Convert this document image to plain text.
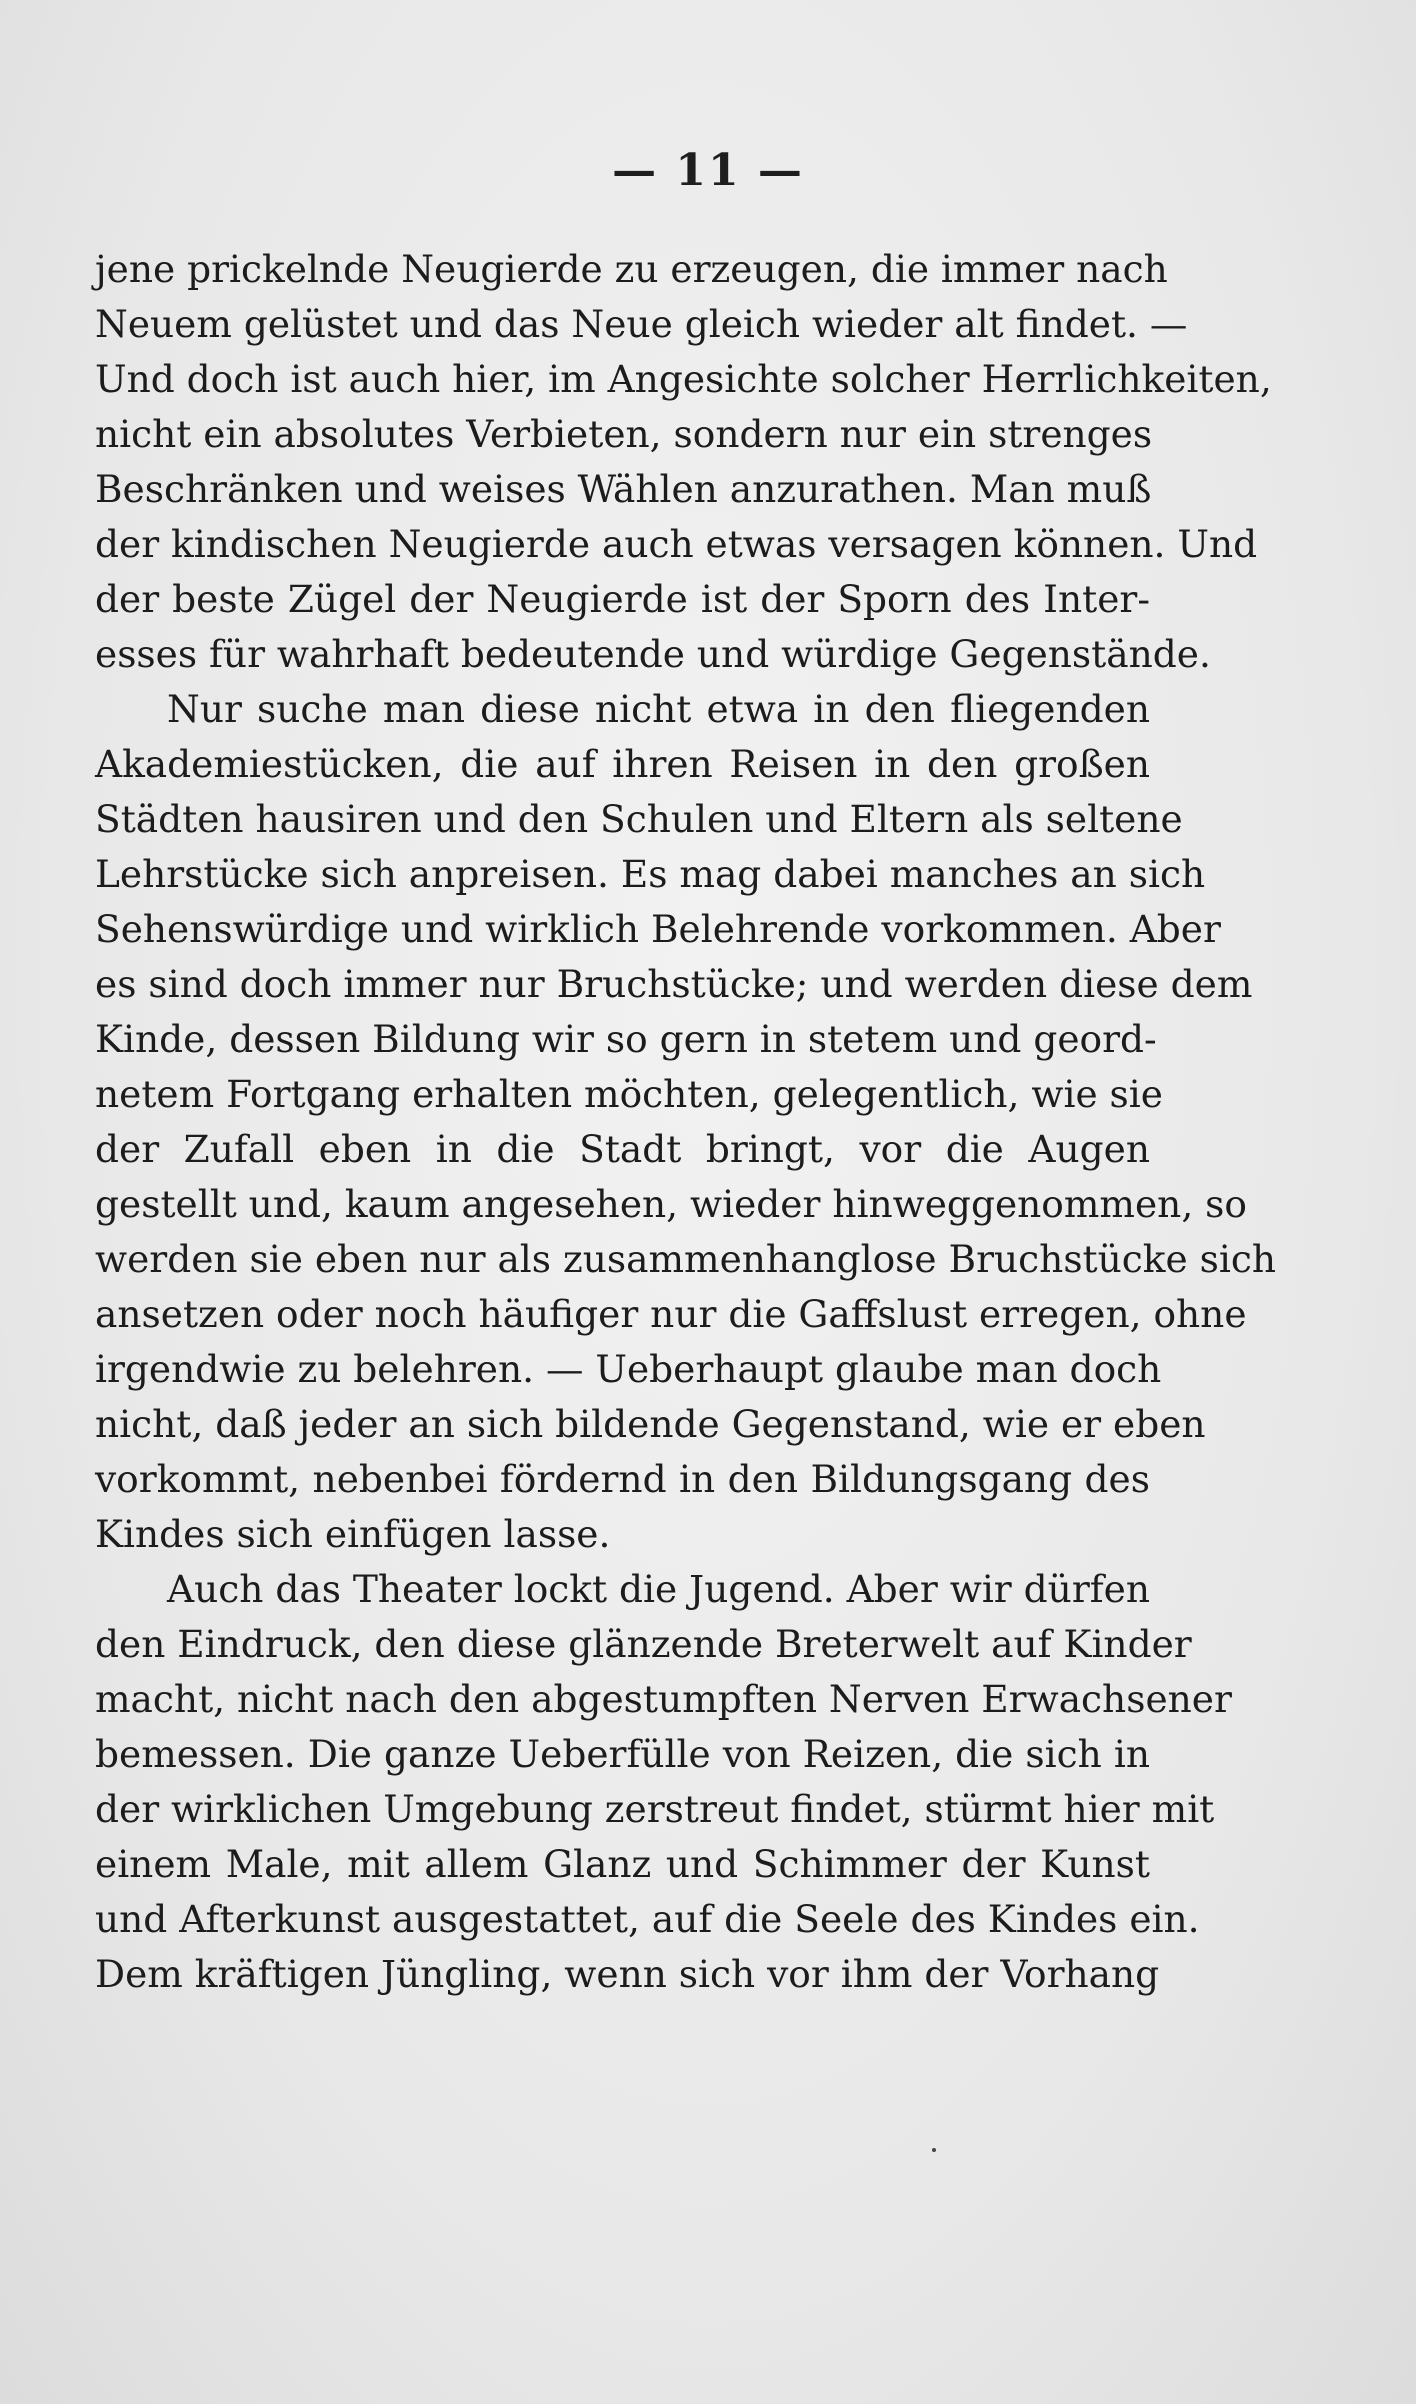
— 11 —
jene prickelnde Neugierde zu erzeugen, die immer nach
Neuem gelüstet und das Neue gleich wieder alt findet. —
Und doch ist auch hier, im Angesichte solcher Herrlichkeiten,
nicht ein absolutes Verbieten, sondern nur ein strenges
Beschränken und weises Wählen anzurathen. Man muß
der kindischen Neugierde auch etwas versagen können. Und
der beste Zügel der Neugierde ist der Sporn des Inter-
esses für wahrhaft bedeutende und würdige Gegenstände.
Nur suche man diese nicht etwa in den fliegenden
Akademiestücken, die auf ihren Reisen in den großen
Städten hausiren und den Schulen und Eltern als seltene
Lehrstücke sich anpreisen. Es mag dabei manches an sich
Sehenswürdige und wirklich Belehrende vorkommen. Aber
es sind doch immer nur Bruchstücke; und werden diese dem
Kinde, dessen Bildung wir so gern in stetem und geord-
netem Fortgang erhalten möchten, gelegentlich, wie sie
der Zufall eben in die Stadt bringt, vor die Augen
gestellt und, kaum angesehen, wieder hinweggenommen, so
werden sie eben nur als zusammenhanglose Bruchstücke sich
ansetzen oder noch häufiger nur die Gaffslust erregen, ohne
irgendwie zu belehren. — Ueberhaupt glaube man doch
nicht, daß jeder an sich bildende Gegenstand, wie er eben
vorkommt, nebenbei fördernd in den Bildungsgang des
Kindes sich einfügen lasse.
Auch das Theater lockt die Jugend. Aber wir dürfen
den Eindruck, den diese glänzende Breterwelt auf Kinder
macht, nicht nach den abgestumpften Nerven Erwachsener
bemessen. Die ganze Ueberfülle von Reizen, die sich in
der wirklichen Umgebung zerstreut findet, stürmt hier mit
einem Male, mit allem Glanz und Schimmer der Kunst
und Afterkunst ausgestattet, auf die Seele des Kindes ein.
Dem kräftigen Jüngling, wenn sich vor ihm der Vorhang
